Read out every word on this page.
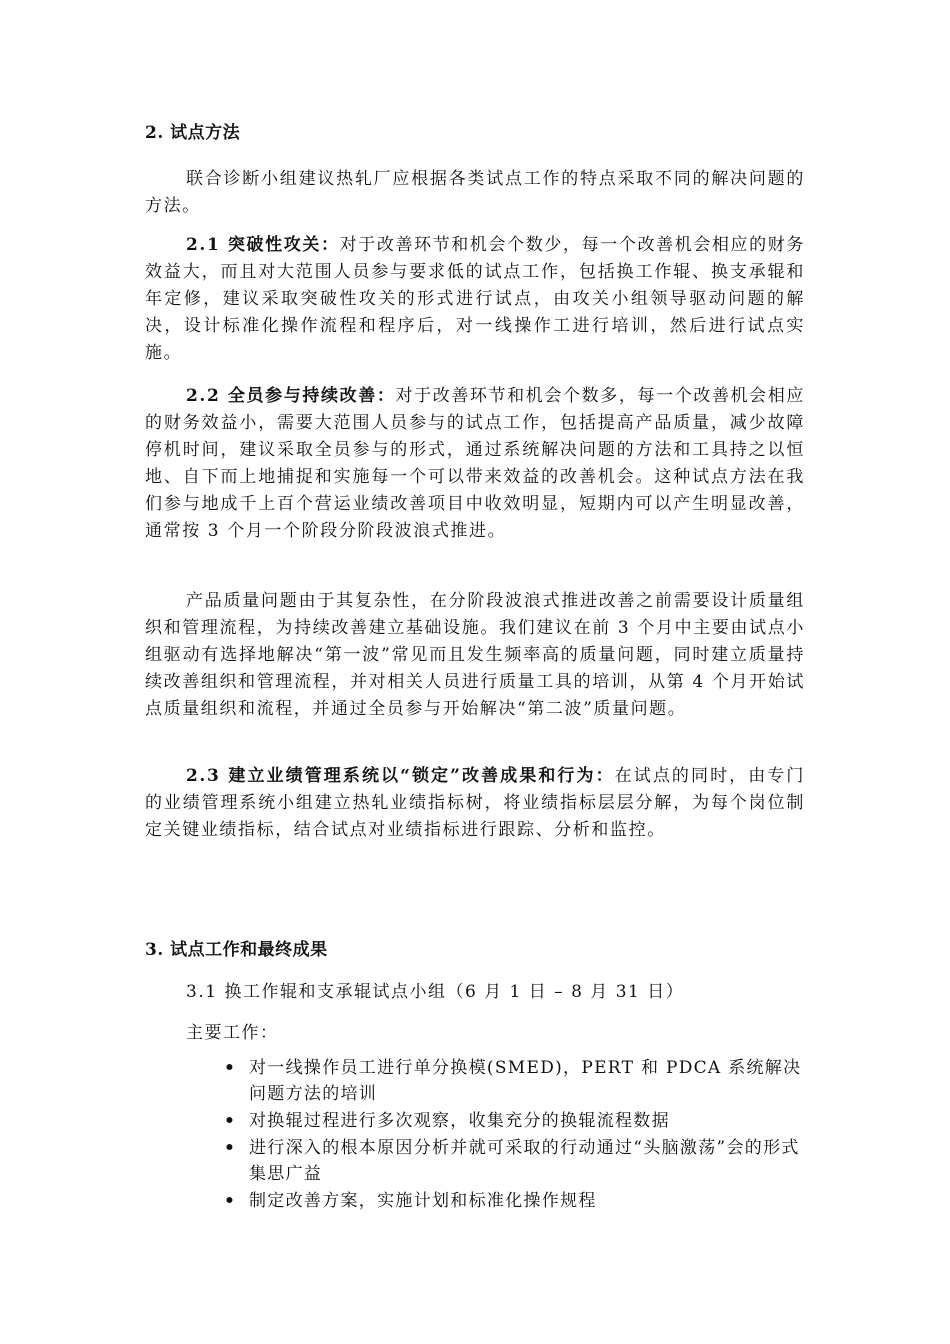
2. 试点方法

联合诊断小组建议热轧厂应根据各类试点工作的特点采取不同的解决问题的方法。

2.1 突破性攻关：对于改善环节和机会个数少，每一个改善机会相应的财务效益大，而且对大范围人员参与要求低的试点工作，包括换工作辊、换支承辊和年定修，建议采取突破性攻关的形式进行试点，由攻关小组领导驱动问题的解决，设计标准化操作流程和程序后，对一线操作工进行培训，然后进行试点实施。

2.2 全员参与持续改善：对于改善环节和机会个数多，每一个改善机会相应的财务效益小，需要大范围人员参与的试点工作，包括提高产品质量，减少故障停机时间，建议采取全员参与的形式，通过系统解决问题的方法和工具持之以恒地、自下而上地捕捉和实施每一个可以带来效益的改善机会。这种试点方法在我们参与地成千上百个营运业绩改善项目中收效明显，短期内可以产生明显改善，通常按 3 个月一个阶段分阶段波浪式推进。

产品质量问题由于其复杂性，在分阶段波浪式推进改善之前需要设计质量组织和管理流程，为持续改善建立基础设施。我们建议在前 3 个月中主要由试点小组驱动有选择地解决“第一波”常见而且发生频率高的质量问题，同时建立质量持续改善组织和管理流程，并对相关人员进行质量工具的培训，从第 4 个月开始试点质量组织和流程，并通过全员参与开始解决“第二波”质量问题。

2.3 建立业绩管理系统以“锁定”改善成果和行为：在试点的同时，由专门的业绩管理系统小组建立热轧业绩指标树，将业绩指标层层分解，为每个岗位制定关键业绩指标，结合试点对业绩指标进行跟踪、分析和监控。

3. 试点工作和最终成果
3.1 换工作辊和支承辊试点小组（6 月 1 日 – 8 月 31 日）
主要工作：
• 对一线操作员工进行单分换模(SMED)，PERT 和 PDCA 系统解决问题方法的培训
• 对换辊过程进行多次观察，收集充分的换辊流程数据
• 进行深入的根本原因分析并就可采取的行动通过“头脑激荡”会的形式集思广益
• 制定改善方案，实施计划和标准化操作规程
